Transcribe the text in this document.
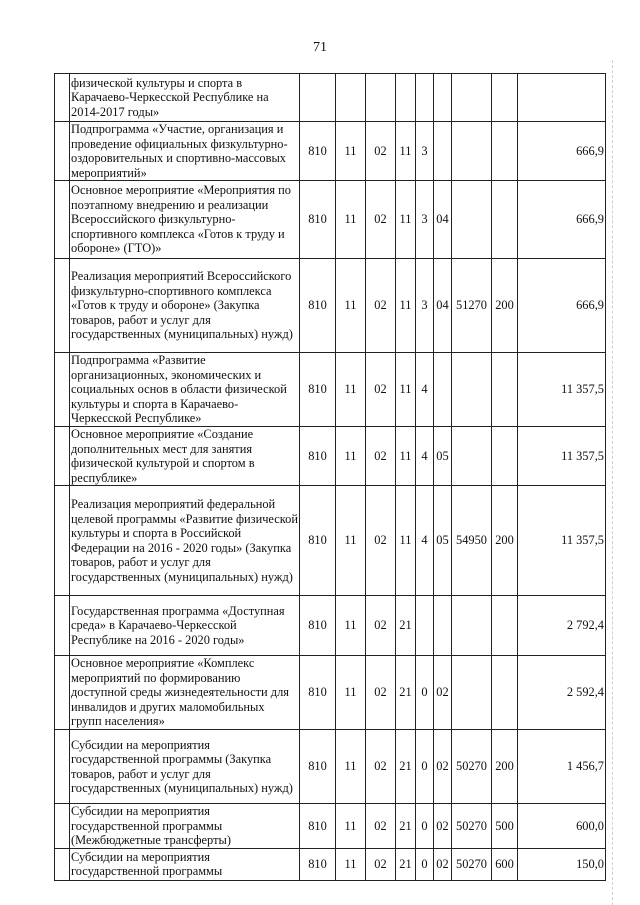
71
	физической культуры и спорта в Карачаево-Черкесской Республике на 2014-2017 годы»									
	Подпрограмма «Участие, организация и проведение официальных физкультурно-оздоровительных и спортивно-массовых мероприятий»	810	11	02	11	3				666,9
	Основное мероприятие «Мероприятия по поэтапному внедрению и реализации Всероссийского физкультурно-спортивного комплекса «Готов к труду и обороне» (ГТО)»	810	11	02	11	3	04			666,9
	Реализация мероприятий Всероссийского физкультурно-спортивного комплекса «Готов к труду и обороне» (Закупка товаров, работ и услуг для государственных (муниципальных) нужд)	810	11	02	11	3	04	51270	200	666,9
	Подпрограмма «Развитие организационных, экономических и социальных основ в области физической культуры и спорта в Карачаево-Черкесской Республике»	810	11	02	11	4				11 357,5
	Основное мероприятие «Создание дополнительных мест для занятия физической культурой и спортом в республике»	810	11	02	11	4	05			11 357,5
	Реализация мероприятий федеральной целевой программы «Развитие физической культуры и спорта в Российской Федерации на 2016 - 2020 годы» (Закупка товаров, работ и услуг для государственных (муниципальных) нужд)	810	11	02	11	4	05	54950	200	11 357,5
	Государственная программа «Доступная среда» в Карачаево-Черкесской Республике на 2016 - 2020 годы»	810	11	02	21					2 792,4
	Основное мероприятие «Комплекс мероприятий по формированию доступной среды жизнедеятельности для инвалидов и других маломобильных групп населения»	810	11	02	21	0	02			2 592,4
	Субсидии на мероприятия государственной программы (Закупка товаров, работ и услуг для государственных (муниципальных) нужд)	810	11	02	21	0	02	50270	200	1 456,7
	Субсидии на мероприятия государственной программы (Межбюджетные трансферты)	810	11	02	21	0	02	50270	500	600,0
	Субсидии на мероприятия государственной программы	810	11	02	21	0	02	50270	600	150,0
